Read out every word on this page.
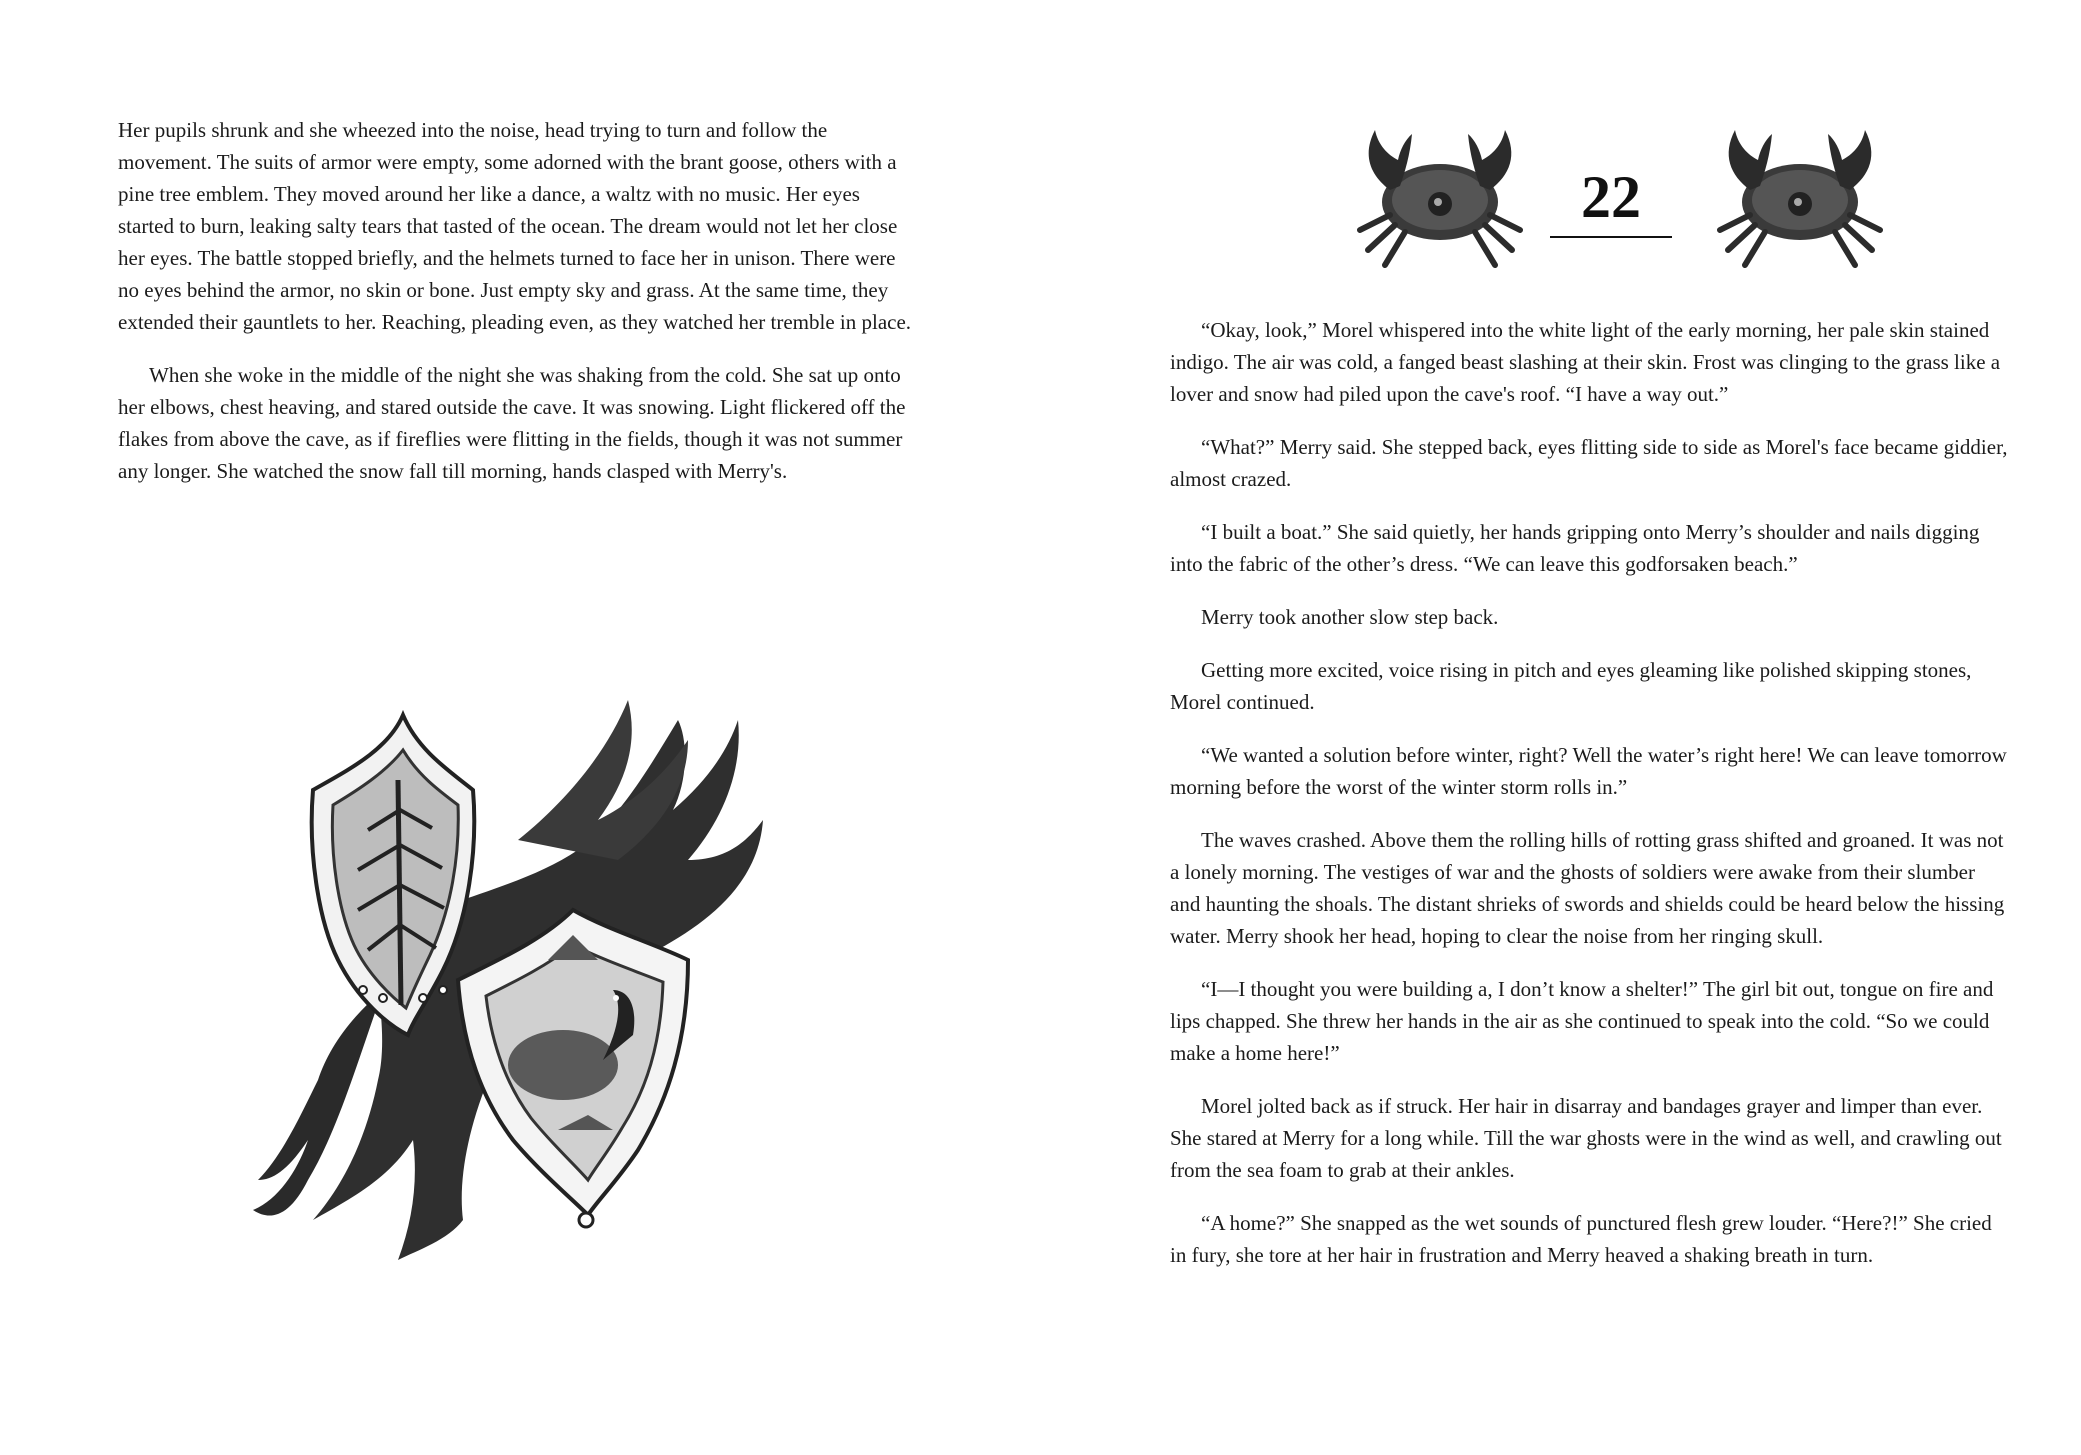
Her pupils shrunk and she wheezed into the noise, head trying to turn and follow the movement. The suits of armor were empty, some adorned with the brant goose, others with a pine tree emblem. They moved around her like a dance, a waltz with no music. Her eyes started to burn, leaking salty tears that tasted of the ocean. The dream would not let her close her eyes. The battle stopped briefly, and the helmets turned to face her in unison. There were no eyes behind the armor, no skin or bone. Just empty sky and grass. At the same time, they extended their gauntlets to her. Reaching, pleading even, as they watched her tremble in place.

When she woke in the middle of the night she was shaking from the cold. She sat up onto her elbows, chest heaving, and stared outside the cave. It was snowing. Light flickered off the flakes from above the cave, as if fireflies were flitting in the fields, though it was not summer any longer. She watched the snow fall till morning, hands clasped with Merry's.

22

“Okay, look,” Morel whispered into the white light of the early morning, her pale skin stained indigo. The air was cold, a fanged beast slashing at their skin. Frost was clinging to the grass like a lover and snow had piled upon the cave's roof. “I have a way out.”

“What?” Merry said. She stepped back, eyes flitting side to side as Morel's face became giddier, almost crazed.

“I built a boat.” She said quietly, her hands gripping onto Merry’s shoulder and nails digging into the fabric of the other’s dress. “We can leave this godforsaken beach.”

Merry took another slow step back.

Getting more excited, voice rising in pitch and eyes gleaming like polished skipping stones, Morel continued.

“We wanted a solution before winter, right? Well the water’s right here! We can leave tomorrow morning before the worst of the winter storm rolls in.”

The waves crashed. Above them the rolling hills of rotting grass shifted and groaned. It was not a lonely morning. The vestiges of war and the ghosts of soldiers were awake from their slumber and haunting the shoals. The distant shrieks of swords and shields could be heard below the hissing water. Merry shook her head, hoping to clear the noise from her ringing skull.

“I—I thought you were building a, I don’t know a shelter!” The girl bit out, tongue on fire and lips chapped. She threw her hands in the air as she continued to speak into the cold. “So we could make a home here!”

Morel jolted back as if struck. Her hair in disarray and bandages grayer and limper than ever. She stared at Merry for a long while. Till the war ghosts were in the wind as well, and crawling out from the sea foam to grab at their ankles.

“A home?” She snapped as the wet sounds of punctured flesh grew louder. “Here?!” She cried in fury, she tore at her hair in frustration and Merry heaved a shaking breath in turn.
